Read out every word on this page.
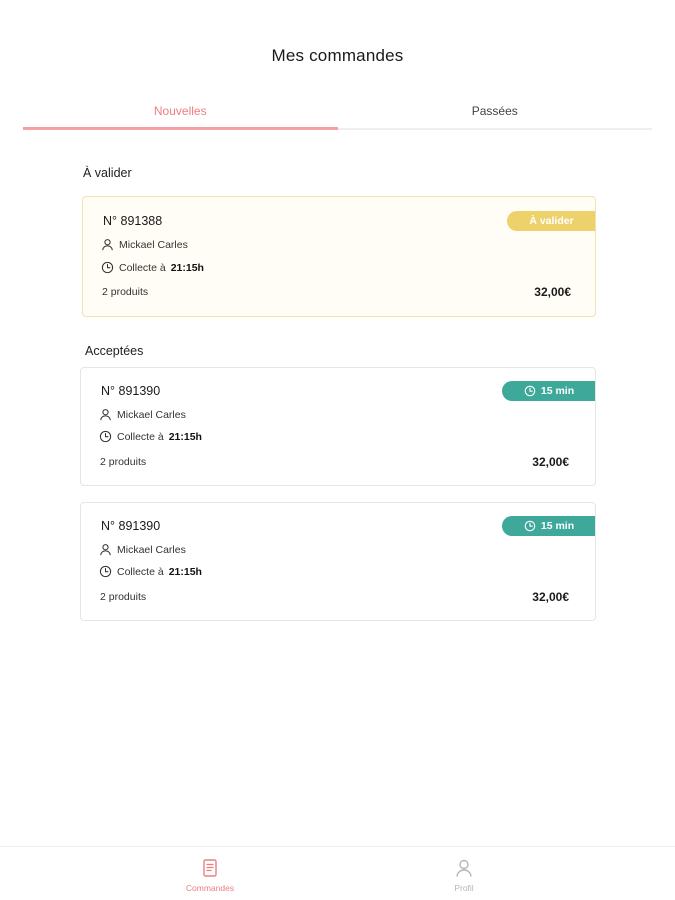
Mes commandes
Nouvelles	Passées
À valider
N° 891388	À valider
Mickael Carles
Collecte à 21:15h
2 produits	32,00€
Acceptées
N° 891390	15 min
Mickael Carles
Collecte à 21:15h
2 produits	32,00€
N° 891390	15 min
Mickael Carles
Collecte à 21:15h
2 produits	32,00€
Commandes	Profil
